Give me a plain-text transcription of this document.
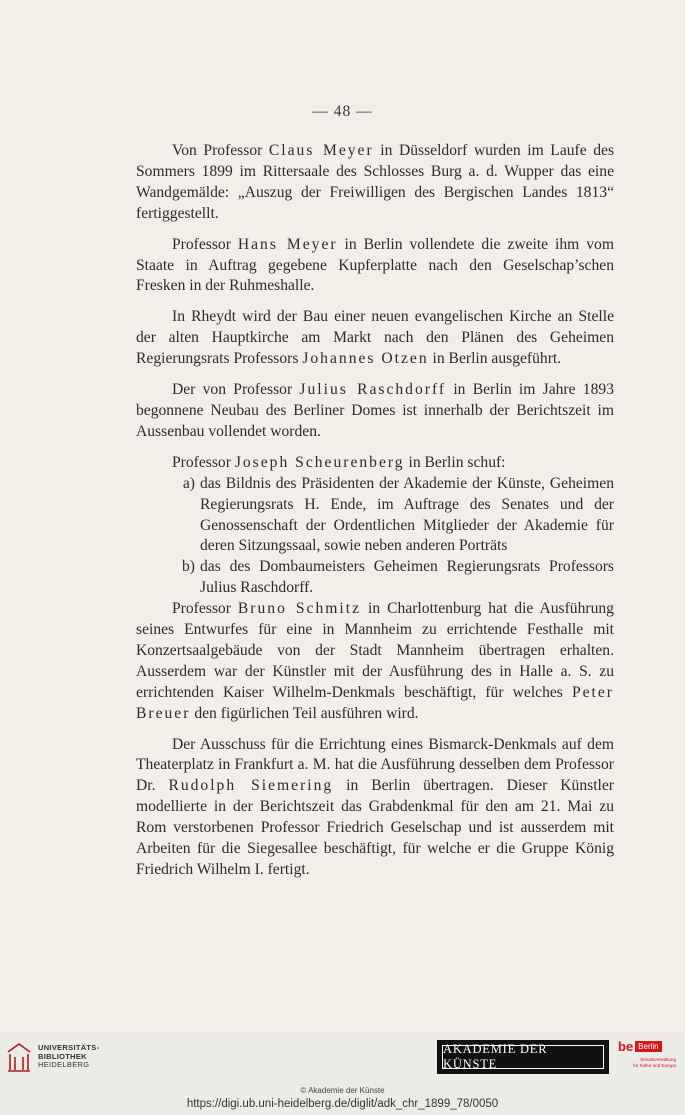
— 48 —

Von Professor Claus Meyer in Düsseldorf wurden im Laufe des Sommers 1899 im Rittersaale des Schlosses Burg a. d. Wupper das eine Wandgemälde: „Auszug der Freiwilligen des Bergischen Landes 1813“ fertiggestellt.

Professor Hans Meyer in Berlin vollendete die zweite ihm vom Staate in Auftrag gegebene Kupferplatte nach den Geselschap’schen Fresken in der Ruhmeshalle.

In Rheydt wird der Bau einer neuen evangelischen Kirche an Stelle der alten Hauptkirche am Markt nach den Plänen des Geheimen Regierungsrats Professors Johannes Otzen in Berlin ausgeführt.

Der von Professor Julius Raschdorff in Berlin im Jahre 1893 begonnene Neubau des Berliner Domes ist innerhalb der Berichtszeit im Aussenbau vollendet worden.

Professor Joseph Scheurenberg in Berlin schuf:

a) das Bildnis des Präsidenten der Akademie der Künste, Geheimen Regierungsrats H. Ende, im Auftrage des Senates und der Genossenschaft der Ordentlichen Mitglieder der Akademie für deren Sitzungssaal, sowie neben anderen Porträts
b) das des Dombaumeisters Geheimen Regierungsrats Professors Julius Raschdorff.

Professor Bruno Schmitz in Charlottenburg hat die Ausführung seines Entwurfes für eine in Mannheim zu errichtende Festhalle mit Konzertsaalgebäude von der Stadt Mannheim übertragen erhalten. Ausserdem war der Künstler mit der Ausführung des in Halle a. S. zu errichtenden Kaiser Wilhelm-Denkmals beschäftigt, für welches Peter Breuer den figürlichen Teil ausführen wird.

Der Ausschuss für die Errichtung eines Bismarck-Denkmals auf dem Theaterplatz in Frankfurt a. M. hat die Ausführung desselben dem Professor Dr. Rudolph Siemering in Berlin übertragen. Dieser Künstler modellierte in der Berichtszeit das Grabdenkmal für den am 21. Mai zu Rom verstorbenen Professor Friedrich Geselschap und ist ausserdem mit Arbeiten für die Siegesallee beschäftigt, für welche er die Gruppe König Friedrich Wilhelm I. fertigt.

UNIVERSITÄTS-
BIBLIOTHEK
HEIDELBERG
AKADEMIE DER KÜNSTE
be Berlin
Senatsverwaltung
für Kultur und Europa
© Akademie der Künste
https://digi.ub.uni-heidelberg.de/diglit/adk_chr_1899_78/0050
